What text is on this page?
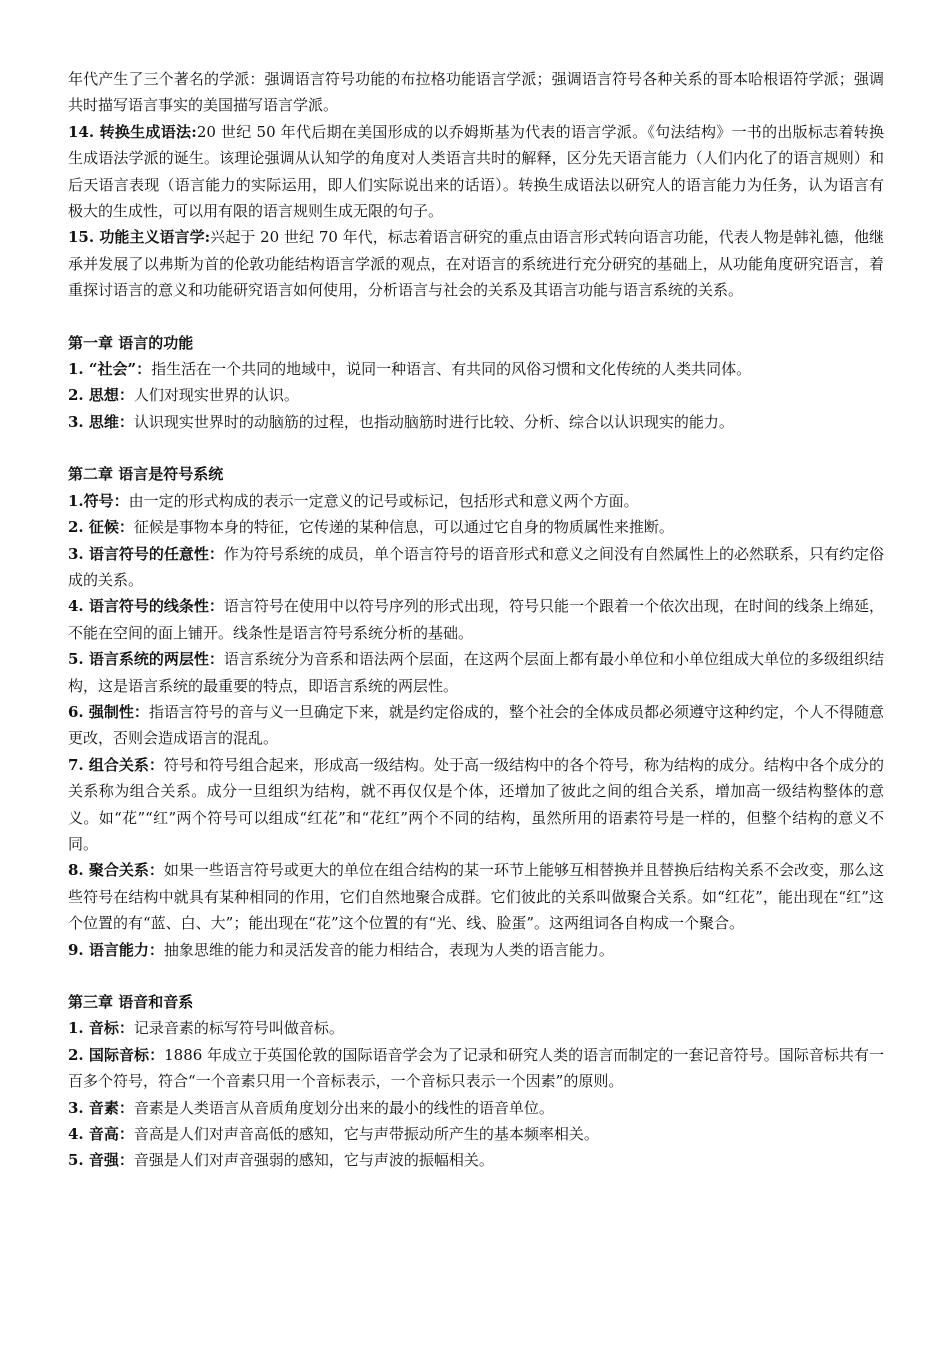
年代产生了三个著名的学派：强调语言符号功能的布拉格功能语言学派；强调语言符号各种关系的哥本哈根语符学派；强调共时描写语言事实的美国描写语言学派。

14. 转换生成语法:20 世纪 50 年代后期在美国形成的以乔姆斯基为代表的语言学派。《句法结构》一书的出版标志着转换生成语法学派的诞生。该理论强调从认知学的角度对人类语言共时的解释，区分先天语言能力（人们内化了的语言规则）和后天语言表现（语言能力的实际运用，即人们实际说出来的话语）。转换生成语法以研究人的语言能力为任务，认为语言有极大的生成性，可以用有限的语言规则生成无限的句子。

15. 功能主义语言学:兴起于 20 世纪 70 年代，标志着语言研究的重点由语言形式转向语言功能，代表人物是韩礼德，他继承并发展了以弗斯为首的伦敦功能结构语言学派的观点，在对语言的系统进行充分研究的基础上，从功能角度研究语言，着重探讨语言的意义和功能研究语言如何使用，分析语言与社会的关系及其语言功能与语言系统的关系。

第一章 语言的功能

1. “社会”：指生活在一个共同的地域中，说同一种语言、有共同的风俗习惯和文化传统的人类共同体。

2. 思想：人们对现实世界的认识。

3. 思维：认识现实世界时的动脑筋的过程，也指动脑筋时进行比较、分析、综合以认识现实的能力。

第二章 语言是符号系统

1.符号：由一定的形式构成的表示一定意义的记号或标记，包括形式和意义两个方面。

2. 征候：征候是事物本身的特征，它传递的某种信息，可以通过它自身的物质属性来推断。

3. 语言符号的任意性：作为符号系统的成员，单个语言符号的语音形式和意义之间没有自然属性上的必然联系，只有约定俗成的关系。

4. 语言符号的线条性：语言符号在使用中以符号序列的形式出现，符号只能一个跟着一个依次出现，在时间的线条上绵延，不能在空间的面上铺开。线条性是语言符号系统分析的基础。

5. 语言系统的两层性：语言系统分为音系和语法两个层面，在这两个层面上都有最小单位和小单位组成大单位的多级组织结构，这是语言系统的最重要的特点，即语言系统的两层性。

6. 强制性：指语言符号的音与义一旦确定下来，就是约定俗成的，整个社会的全体成员都必须遵守这种约定，个人不得随意更改，否则会造成语言的混乱。

7. 组合关系：符号和符号组合起来，形成高一级结构。处于高一级结构中的各个符号，称为结构的成分。结构中各个成分的关系称为组合关系。成分一旦组织为结构，就不再仅仅是个体，还增加了彼此之间的组合关系，增加高一级结构整体的意义。如“花”“红”两个符号可以组成“红花”和“花红”两个不同的结构，虽然所用的语素符号是一样的，但整个结构的意义不同。

8. 聚合关系：如果一些语言符号或更大的单位在组合结构的某一环节上能够互相替换并且替换后结构关系不会改变，那么这些符号在结构中就具有某种相同的作用，它们自然地聚合成群。它们彼此的关系叫做聚合关系。如“红花”，能出现在“红”这个位置的有“蓝、白、大”；能出现在“花”这个位置的有“光、线、脸蛋”。这两组词各自构成一个聚合。

9. 语言能力：抽象思维的能力和灵活发音的能力相结合，表现为人类的语言能力。

第三章 语音和音系

1. 音标：记录音素的标写符号叫做音标。

2. 国际音标：1886 年成立于英国伦敦的国际语音学会为了记录和研究人类的语言而制定的一套记音符号。国际音标共有一百多个符号，符合“一个音素只用一个音标表示，一个音标只表示一个因素”的原则。

3. 音素：音素是人类语言从音质角度划分出来的最小的线性的语音单位。

4. 音高：音高是人们对声音高低的感知，它与声带振动所产生的基本频率相关。

5. 音强：音强是人们对声音强弱的感知，它与声波的振幅相关。
